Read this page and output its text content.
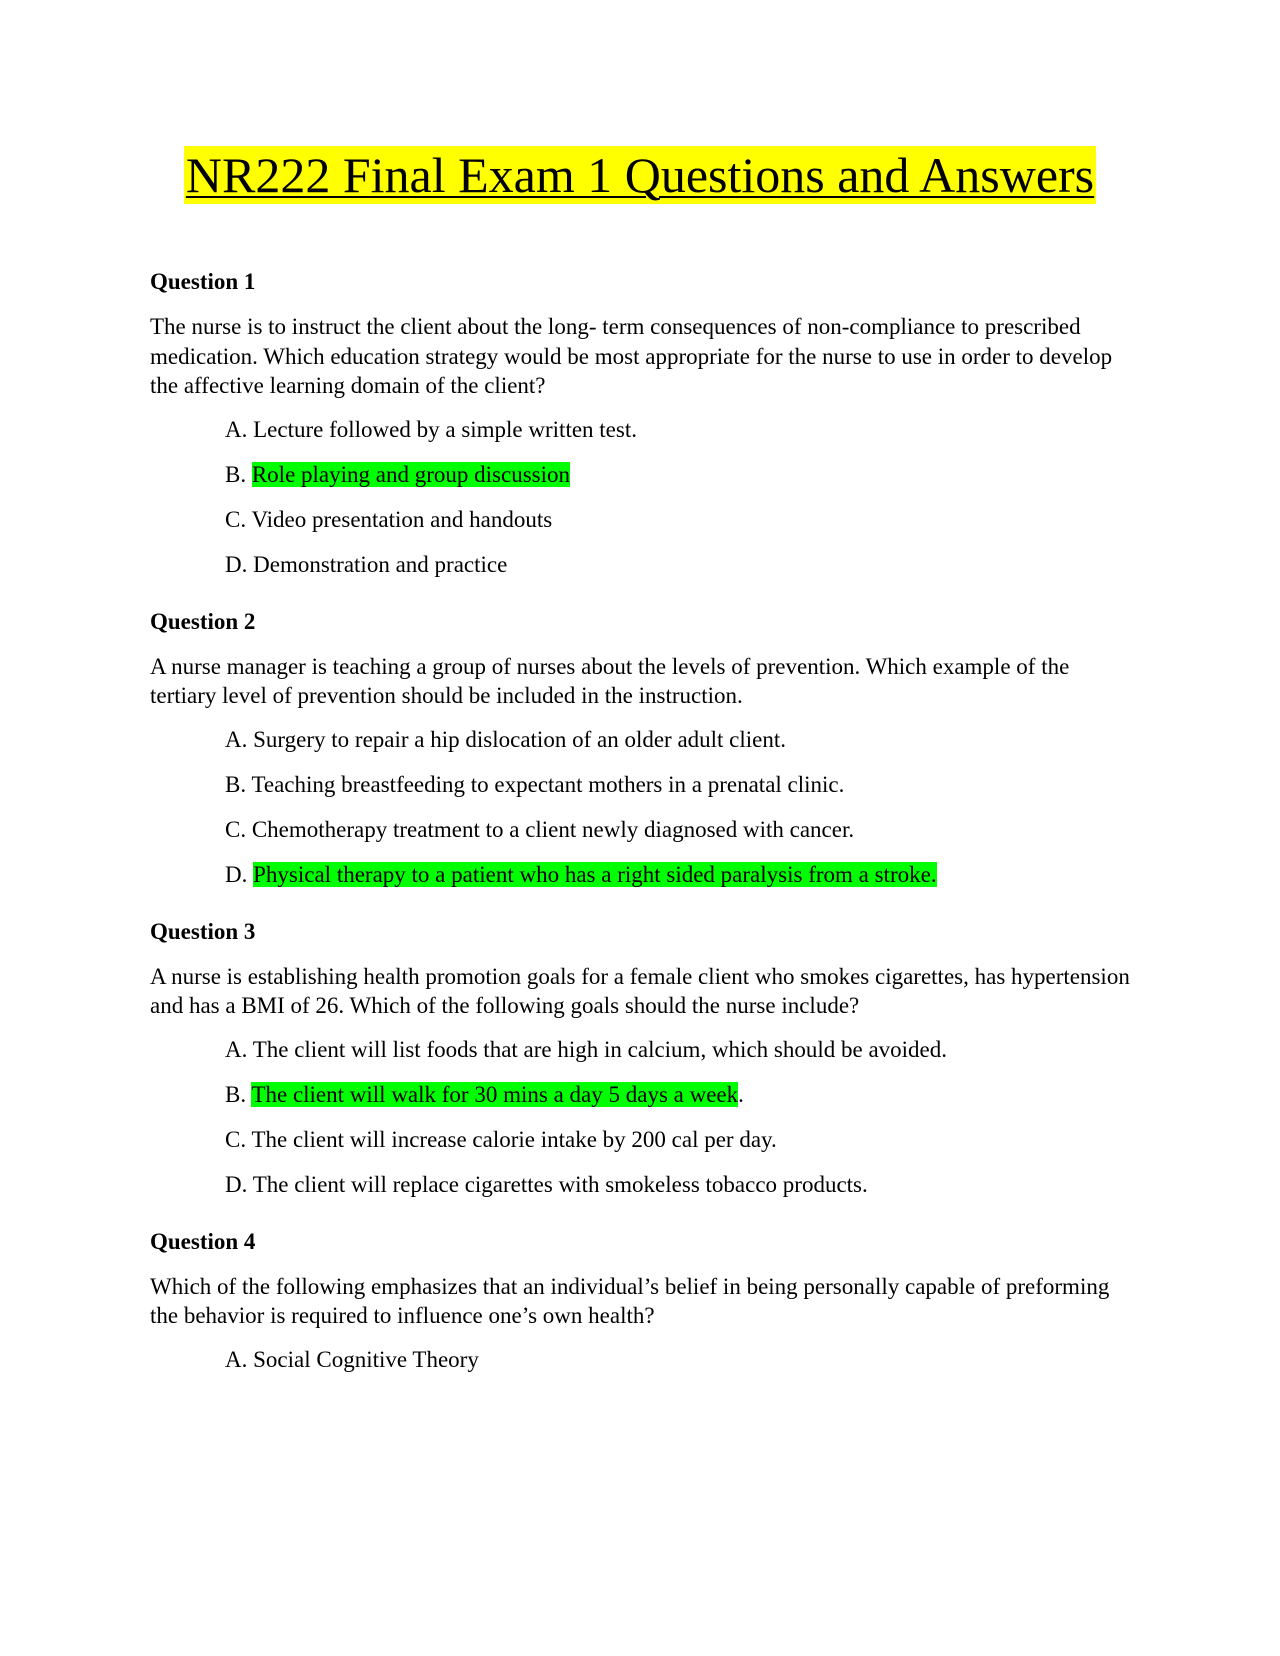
NR222 Final Exam 1 Questions and Answers
Question 1

The nurse is to instruct the client about the long- term consequences of non-compliance to prescribed medication. Which education strategy would be most appropriate for the nurse to use in order to develop the affective learning domain of the client?

A. Lecture followed by a simple written test.
B. Role playing and group discussion
C. Video presentation and handouts
D. Demonstration and practice
Question 2

A nurse manager is teaching a group of nurses about the levels of prevention. Which example of the tertiary level of prevention should be included in the instruction.

A. Surgery to repair a hip dislocation of an older adult client.
B. Teaching breastfeeding to expectant mothers in a prenatal clinic.
C. Chemotherapy treatment to a client newly diagnosed with cancer.
D. Physical therapy to a patient who has a right sided paralysis from a stroke.
Question 3

A nurse is establishing health promotion goals for a female client who smokes cigarettes, has hypertension and has a BMI of 26. Which of the following goals should the nurse include?

A. The client will list foods that are high in calcium, which should be avoided.
B. The client will walk for 30 mins a day 5 days a week.
C. The client will increase calorie intake by 200 cal per day.
D. The client will replace cigarettes with smokeless tobacco products.
Question 4

Which of the following emphasizes that an individual’s belief in being personally capable of preforming the behavior is required to influence one’s own health?

A. Social Cognitive Theory
